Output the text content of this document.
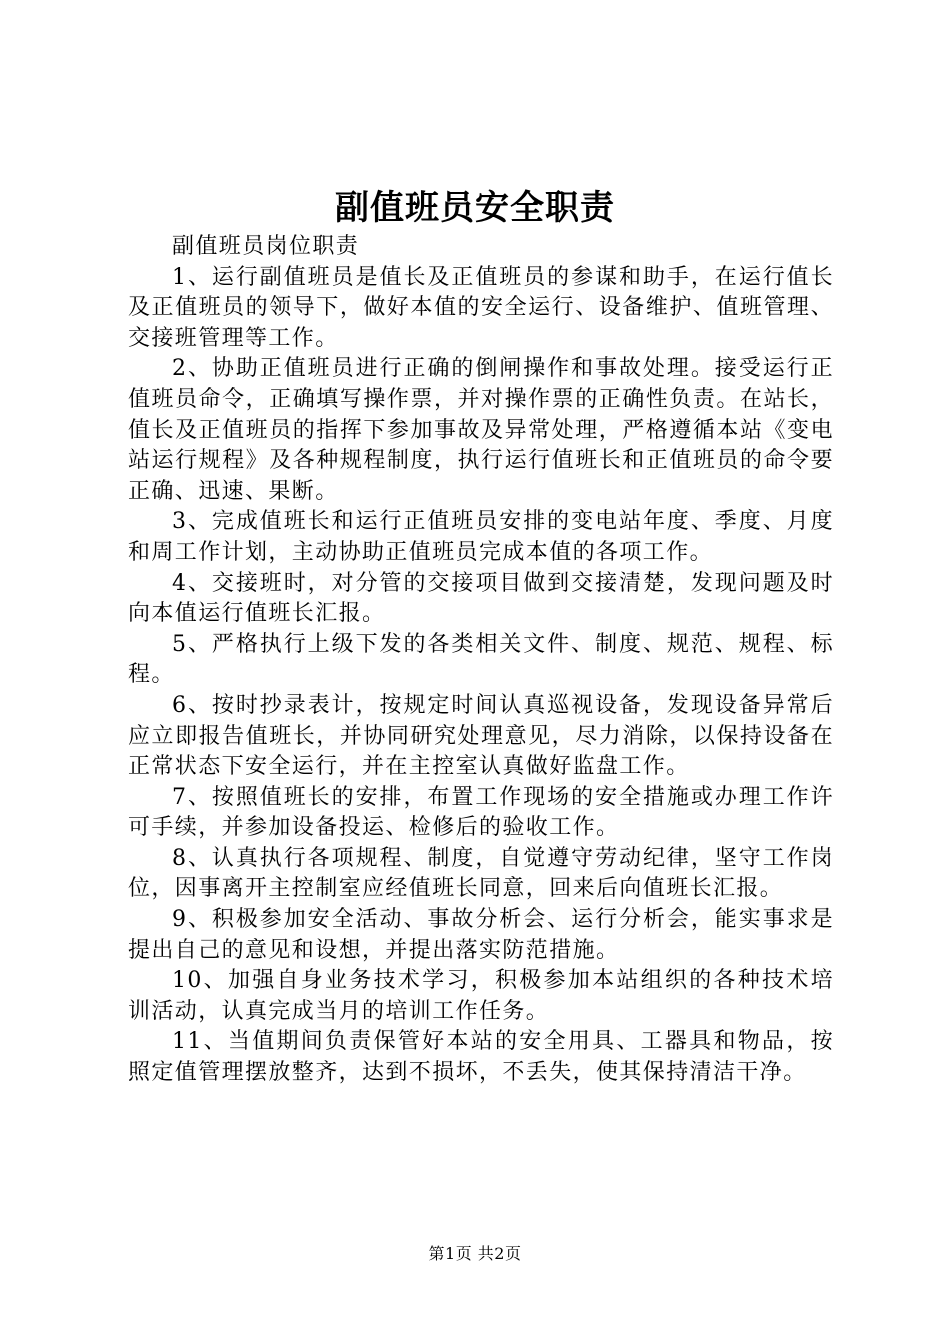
副值班员安全职责

副值班员岗位职责

1、运行副值班员是值长及正值班员的参谋和助手，在运行值长及正值班员的领导下，做好本值的安全运行、设备维护、值班管理、交接班管理等工作。

2、协助正值班员进行正确的倒闸操作和事故处理。接受运行正值班员命令，正确填写操作票，并对操作票的正确性负责。在站长，值长及正值班员的指挥下参加事故及异常处理，严格遵循本站《变电站运行规程》及各种规程制度，执行运行值班长和正值班员的命令要正确、迅速、果断。

3、完成值班长和运行正值班员安排的变电站年度、季度、月度和周工作计划，主动协助正值班员完成本值的各项工作。

4、交接班时，对分管的交接项目做到交接清楚，发现问题及时向本值运行值班长汇报。

5、严格执行上级下发的各类相关文件、制度、规范、规程、标程。

6、按时抄录表计，按规定时间认真巡视设备，发现设备异常后应立即报告值班长，并协同研究处理意见，尽力消除，以保持设备在正常状态下安全运行，并在主控室认真做好监盘工作。

7、按照值班长的安排，布置工作现场的安全措施或办理工作许可手续，并参加设备投运、检修后的验收工作。

8、认真执行各项规程、制度，自觉遵守劳动纪律，坚守工作岗位，因事离开主控制室应经值班长同意，回来后向值班长汇报。

9、积极参加安全活动、事故分析会、运行分析会，能实事求是提出自己的意见和设想，并提出落实防范措施。

10、加强自身业务技术学习，积极参加本站组织的各种技术培训活动，认真完成当月的培训工作任务。

11、当值期间负责保管好本站的安全用具、工器具和物品，按照定值管理摆放整齐，达到不损坏，不丢失，使其保持清洁干净。

第1页 共2页
